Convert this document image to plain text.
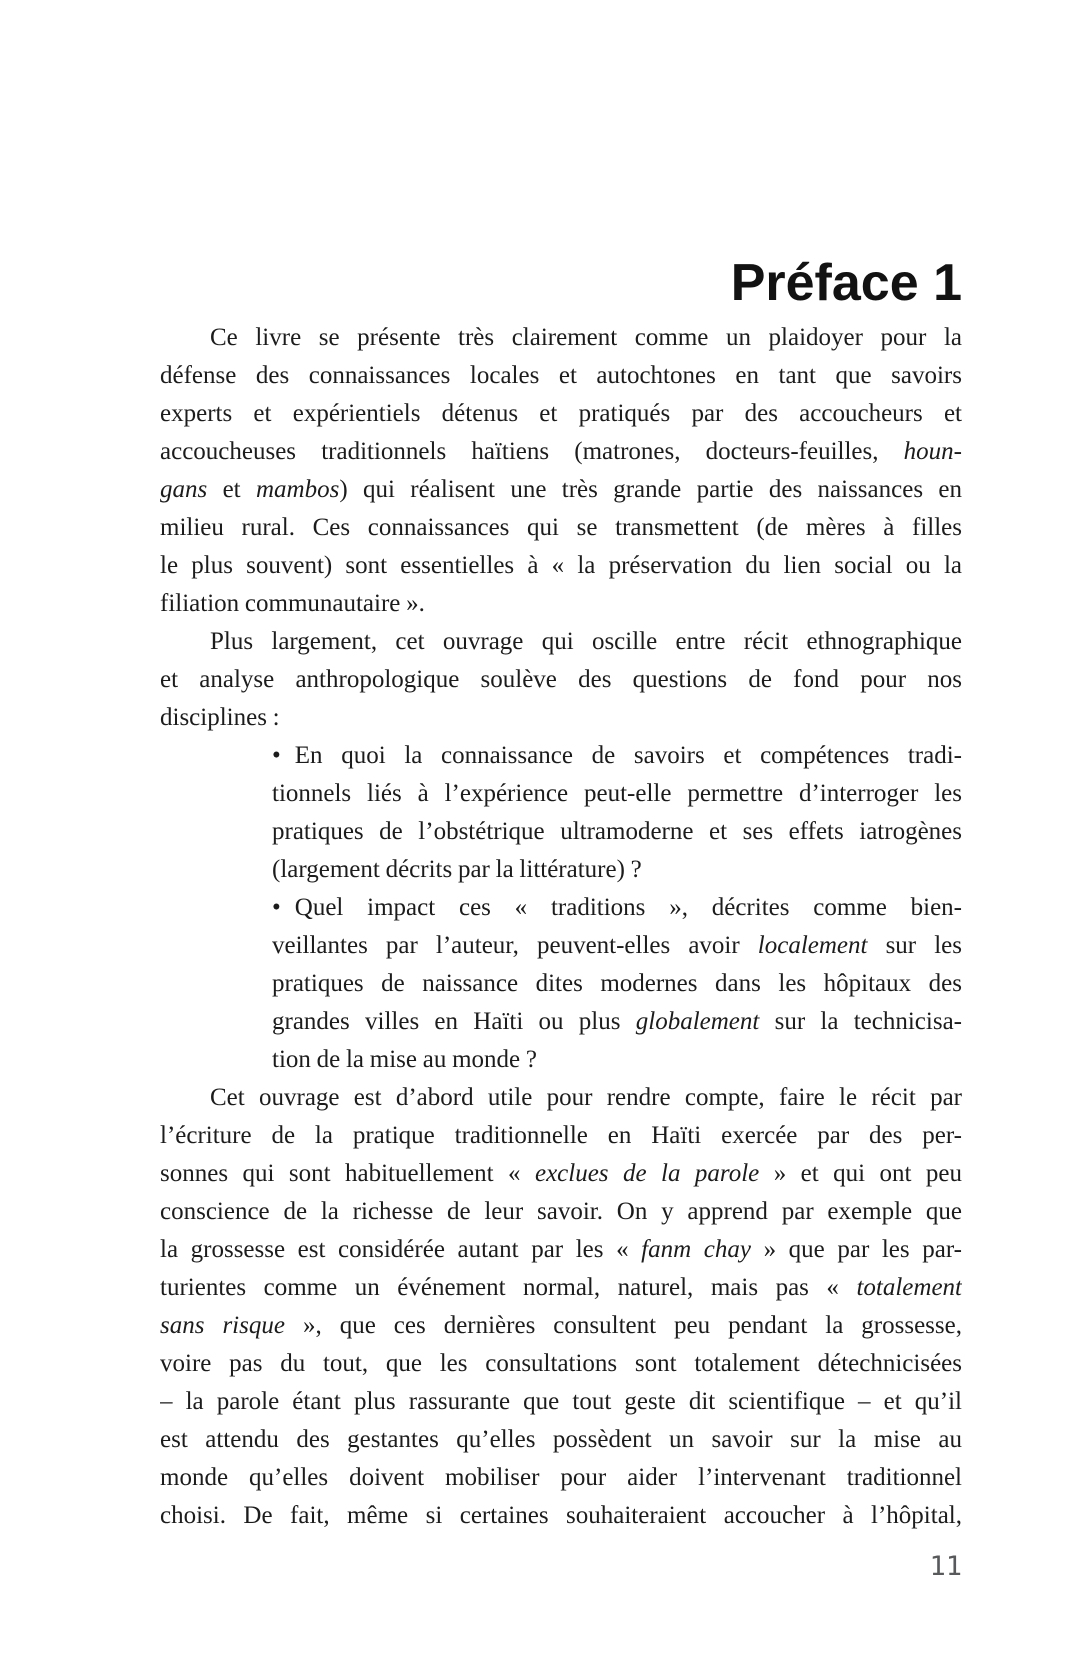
Préface 1
Ce livre se présente très clairement comme un plaidoyer pour la
défense des connaissances locales et autochtones en tant que savoirs
experts et expérientiels détenus et pratiqués par des accoucheurs et
accoucheuses traditionnels haïtiens (matrones, docteurs-feuilles, houn-
gans et mambos) qui réalisent une très grande partie des naissances en
milieu rural. Ces connaissances qui se transmettent (de mères à filles
le plus souvent) sont essentielles à « la préservation du lien social ou la
filiation communautaire ».
Plus largement, cet ouvrage qui oscille entre récit ethnographique
et analyse anthropologique soulève des questions de fond pour nos
disciplines :
• En quoi la connaissance de savoirs et compétences tradi-
tionnels liés à l’expérience peut-elle permettre d’interroger les
pratiques de l’obstétrique ultramoderne et ses effets iatrogènes
(largement décrits par la littérature) ?
• Quel impact ces « traditions », décrites comme bien-
veillantes par l’auteur, peuvent-elles avoir localement sur les
pratiques de naissance dites modernes dans les hôpitaux des
grandes villes en Haïti ou plus globalement sur la technicisa-
tion de la mise au monde ?
Cet ouvrage est d’abord utile pour rendre compte, faire le récit par
l’écriture de la pratique traditionnelle en Haïti exercée par des per-
sonnes qui sont habituellement « exclues de la parole » et qui ont peu
conscience de la richesse de leur savoir. On y apprend par exemple que
la grossesse est considérée autant par les « fanm chay » que par les par-
turientes comme un événement normal, naturel, mais pas « totalement
sans risque », que ces dernières consultent peu pendant la grossesse,
voire pas du tout, que les consultations sont totalement détechnicisées
– la parole étant plus rassurante que tout geste dit scientifique – et qu’il
est attendu des gestantes qu’elles possèdent un savoir sur la mise au
monde qu’elles doivent mobiliser pour aider l’intervenant traditionnel
choisi. De fait, même si certaines souhaiteraient accoucher à l’hôpital,
11
